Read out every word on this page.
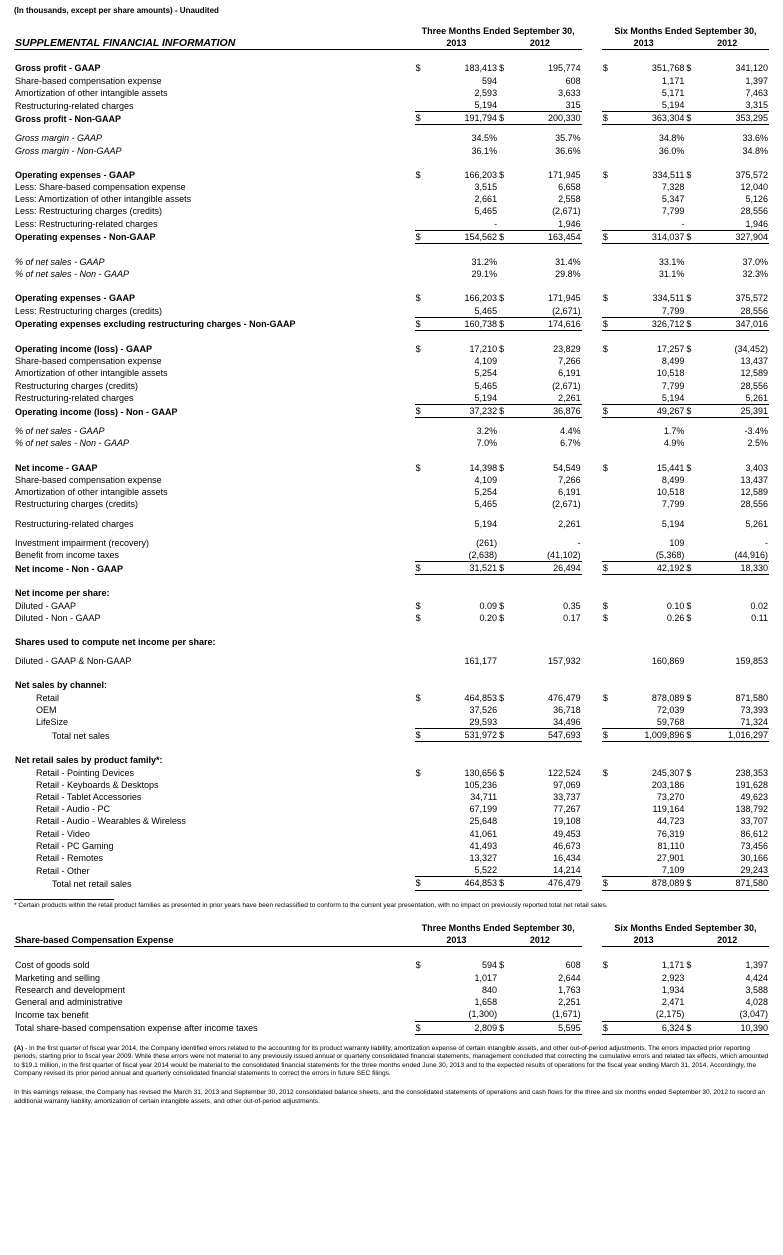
(In thousands, except per share amounts) - Unaudited
	Three Months Ended September 30,					Six Months Ended September 30,			
SUPPLEMENTAL FINANCIAL INFORMATION	2013		2012			2013		2012	

Gross profit - GAAP	$	183,413	$	195,774		$	351,768	$	341,120
Share-based compensation expense		594		608			1,171		1,397
Amortization of other intangible assets		2,593		3,633			5,171		7,463
Restructuring-related charges		5,194		315			5,194		3,315
Gross profit - Non-GAAP	$	191,794	$	200,330		$	363,304	$	353,295

Gross margin - GAAP		34.5%		35.7%			34.8%		33.6%
Gross margin - Non-GAAP		36.1%		36.6%			36.0%		34.8%

Operating expenses - GAAP	$	166,203	$	171,945		$	334,511	$	375,572
Less: Share-based compensation expense		3,515		6,658			7,328		12,040
Less: Amortization of other intangible assets		2,661		2,558			5,347		5,126
Less: Restructuring charges (credits)		5,465		(2,671)			7,799		28,556
Less: Restructuring-related charges		-		1,946			-		1,946
Operating expenses - Non-GAAP	$	154,562	$	163,454		$	314,037	$	327,904

% of net sales - GAAP		31.2%		31.4%			33.1%		37.0%
% of net sales - Non - GAAP		29.1%		29.8%			31.1%		32.3%

Operating expenses - GAAP	$	166,203	$	171,945		$	334,511	$	375,572
Less: Restructuring charges (credits)		5,465		(2,671)			7,799		28,556
Operating expenses excluding restructuring charges - Non-GAAP	$	160,738	$	174,616		$	326,712	$	347,016

Operating income (loss) - GAAP	$	17,210	$	23,829		$	17,257	$	(34,452)
Share-based compensation expense		4,109		7,266			8,499		13,437
Amortization of other intangible assets		5,254		6,191			10,518		12,589
Restructuring charges (credits)		5,465		(2,671)			7,799		28,556
Restructuring-related charges		5,194		2,261			5,194		5,261
Operating income (loss) - Non - GAAP	$	37,232	$	36,876		$	49,267	$	25,391

% of net sales - GAAP		3.2%		4.4%			1.7%		-3.4%
% of net sales - Non - GAAP		7.0%		6.7%			4.9%		2.5%

Net income - GAAP	$	14,398	$	54,549		$	15,441	$	3,403
Share-based compensation expense		4,109		7,266			8,499		13,437
Amortization of other intangible assets		5,254		6,191			10,518		12,589
Restructuring charges (credits)		5,465		(2,671)			7,799		28,556

Restructuring-related charges		5,194		2,261			5,194		5,261

Investment impairment (recovery)		(261)		-			109		-
Benefit from income taxes		(2,638)		(41,102)			(5,368)		(44,916)
Net income - Non - GAAP	$	31,521	$	26,494		$	42,192	$	18,330

Net income per share:									
Diluted - GAAP	$	0.09	$	0.35		$	0.10	$	0.02
Diluted - Non - GAAP	$	0.20	$	0.17		$	0.26	$	0.11

Shares used to compute net income per share:									

Diluted - GAAP & Non-GAAP		161,177		157,932			160,869		159,853

Net sales by channel:									
Retail	$	464,853	$	476,479		$	878,089	$	871,580
OEM		37,526		36,718			72,039		73,393
LifeSize		29,593		34,496			59,768		71,324
Total net sales	$	531,972	$	547,693		$	1,009,896	$	1,016,297

Net retail sales by product family*:									
Retail - Pointing Devices	$	130,656	$	122,524		$	245,307	$	238,353
Retail - Keyboards & Desktops		105,236		97,069			203,186		191,628
Retail - Tablet Accessories		34,711		33,737			73,270		49,623
Retail - Audio - PC		67,199		77,267			119,164		138,792
Retail - Audio - Wearables & Wireless		25,648		19,108			44,723		33,707
Retail - Video		41,061		49,453			76,319		86,612
Retail - PC Gaming		41,493		46,673			81,110		73,456
Retail - Remotes		13,327		16,434			27,901		30,166
Retail - Other		5,522		14,214			7,109		29,243
Total net retail sales	$	464,853	$	476,479		$	878,089	$	871,580
* Certain products within the retail product families as presented in prior years have been reclassified to conform to the current year presentation, with no impact on previously reported total net retail sales.
	Three Months Ended September 30,					Six Months Ended September 30,			
Share-based Compensation Expense	2013		2012			2013		2012	

Cost of goods sold	$	594	$	608		$	1,171	$	1,397
Marketing and selling		1,017		2,644			2,923		4,424
Research and development		840		1,763			1,934		3,588
General and administrative		1,658		2,251			2,471		4,028
Income tax benefit		(1,300)		(1,671)			(2,175)		(3,047)
Total share-based compensation expense after income taxes	$	2,809	$	5,595		$	6,324	$	10,390

(A) - In the first quarter of fiscal year 2014, the Company identified errors related to the accounting for its product warranty liability, amortization expense of certain intangible assets, and other out-of-period adjustments. The errors impacted prior reporting periods, starting prior to fiscal year 2009. While these errors were not material to any previously issued annual or quarterly consolidated financial statements, management concluded that correcting the cumulative errors and related tax effects, which amounted to $19.1 million, in the first quarter of fiscal year 2014 would be material to the consolidated financial statements for the three months ended June 30, 2013 and to the expected results of operations for the fiscal year ending March 31, 2014. Accordingly, the Company revised its prior period annual and quarterly consolidated financial statements to correct the errors in future SEC filings.

In this earnings release, the Company has revised the March 31, 2013 and September 30, 2012 consolidated balance sheets, and the consolidated statements of operations and cash flows for the three and six months ended September 30, 2012 to record an additional warranty liability, amortization of certain intangible assets, and other out-of-period adjustments.
